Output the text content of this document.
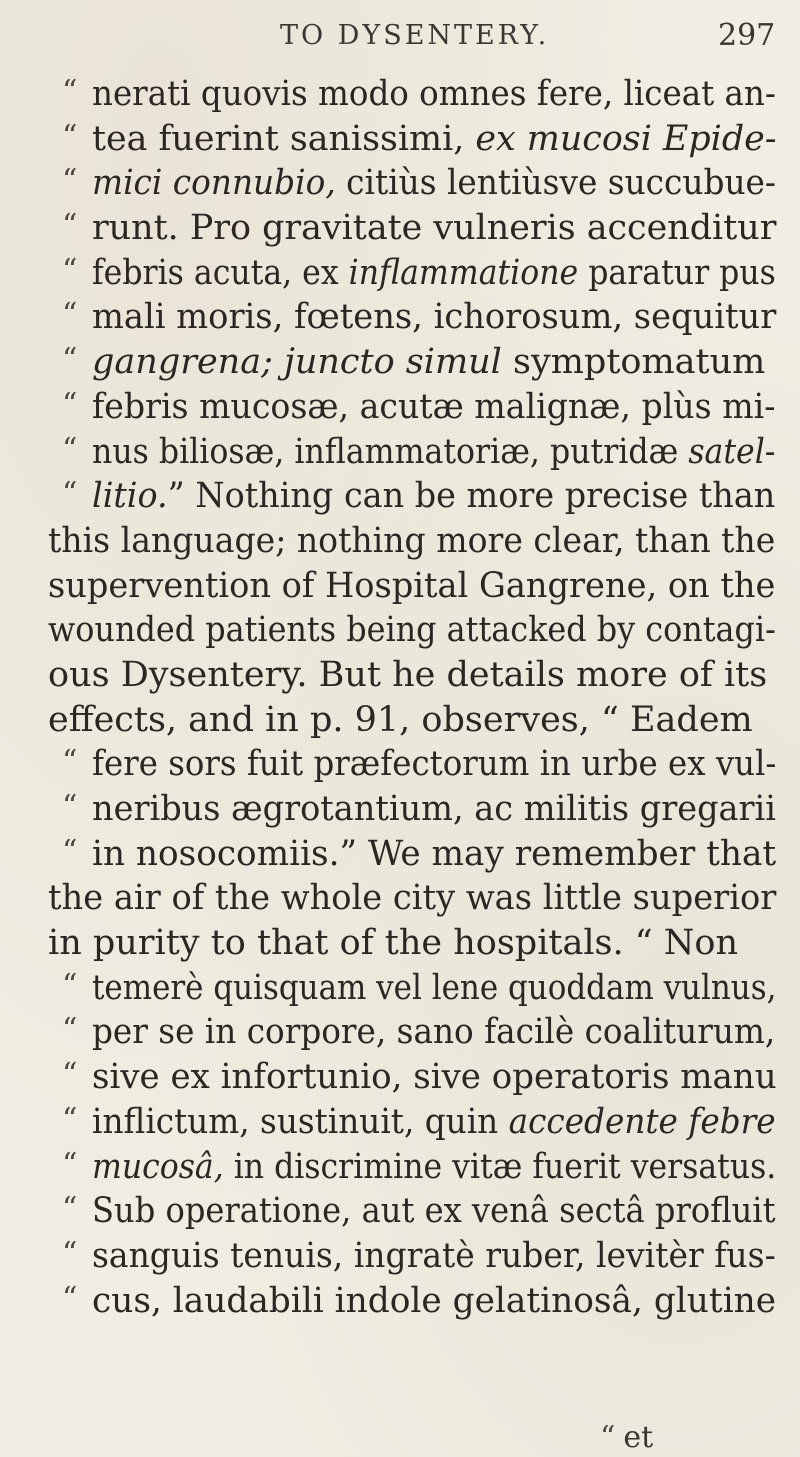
TO DYSENTERY.	297
“ nerati quovis modo omnes fere, liceat an-
“ tea fuerint sanissimi, ex mucosi Epide-
“ mici connubio, citiùs lentiùsve succubue-
“ runt. Pro gravitate vulneris accenditur
“ febris acuta, ex inflammatione paratur pus
“ mali moris, fœtens, ichorosum, sequitur
“ gangrena; juncto simul symptomatum
“ febris mucosæ, acutæ malignæ, plùs mi-
“ nus biliosæ, inflammatoriæ, putridæ satel-
“ litio.” Nothing can be more precise than
this language; nothing more clear, than the
supervention of Hospital Gangrene, on the
wounded patients being attacked by contagi-
ous Dysentery. But he details more of its
effects, and in p. 91, observes, “ Eadem
“ fere sors fuit præfectorum in urbe ex vul-
“ neribus ægrotantium, ac militis gregarii
“ in nosocomiis.” We may remember that
the air of the whole city was little superior
in purity to that of the hospitals. “ Non
“ temerè quisquam vel lene quoddam vulnus,
“ per se in corpore, sano facilè coaliturum,
“ sive ex infortunio, sive operatoris manu
“ inflictum, sustinuit, quin accedente febre
“ mucosâ, in discrimine vitæ fuerit versatus.
“ Sub operatione, aut ex venâ sectâ profluit
“ sanguis tenuis, ingratè ruber, levitèr fus-
“ cus, laudabili indole gelatinosâ, glutine
“ et
